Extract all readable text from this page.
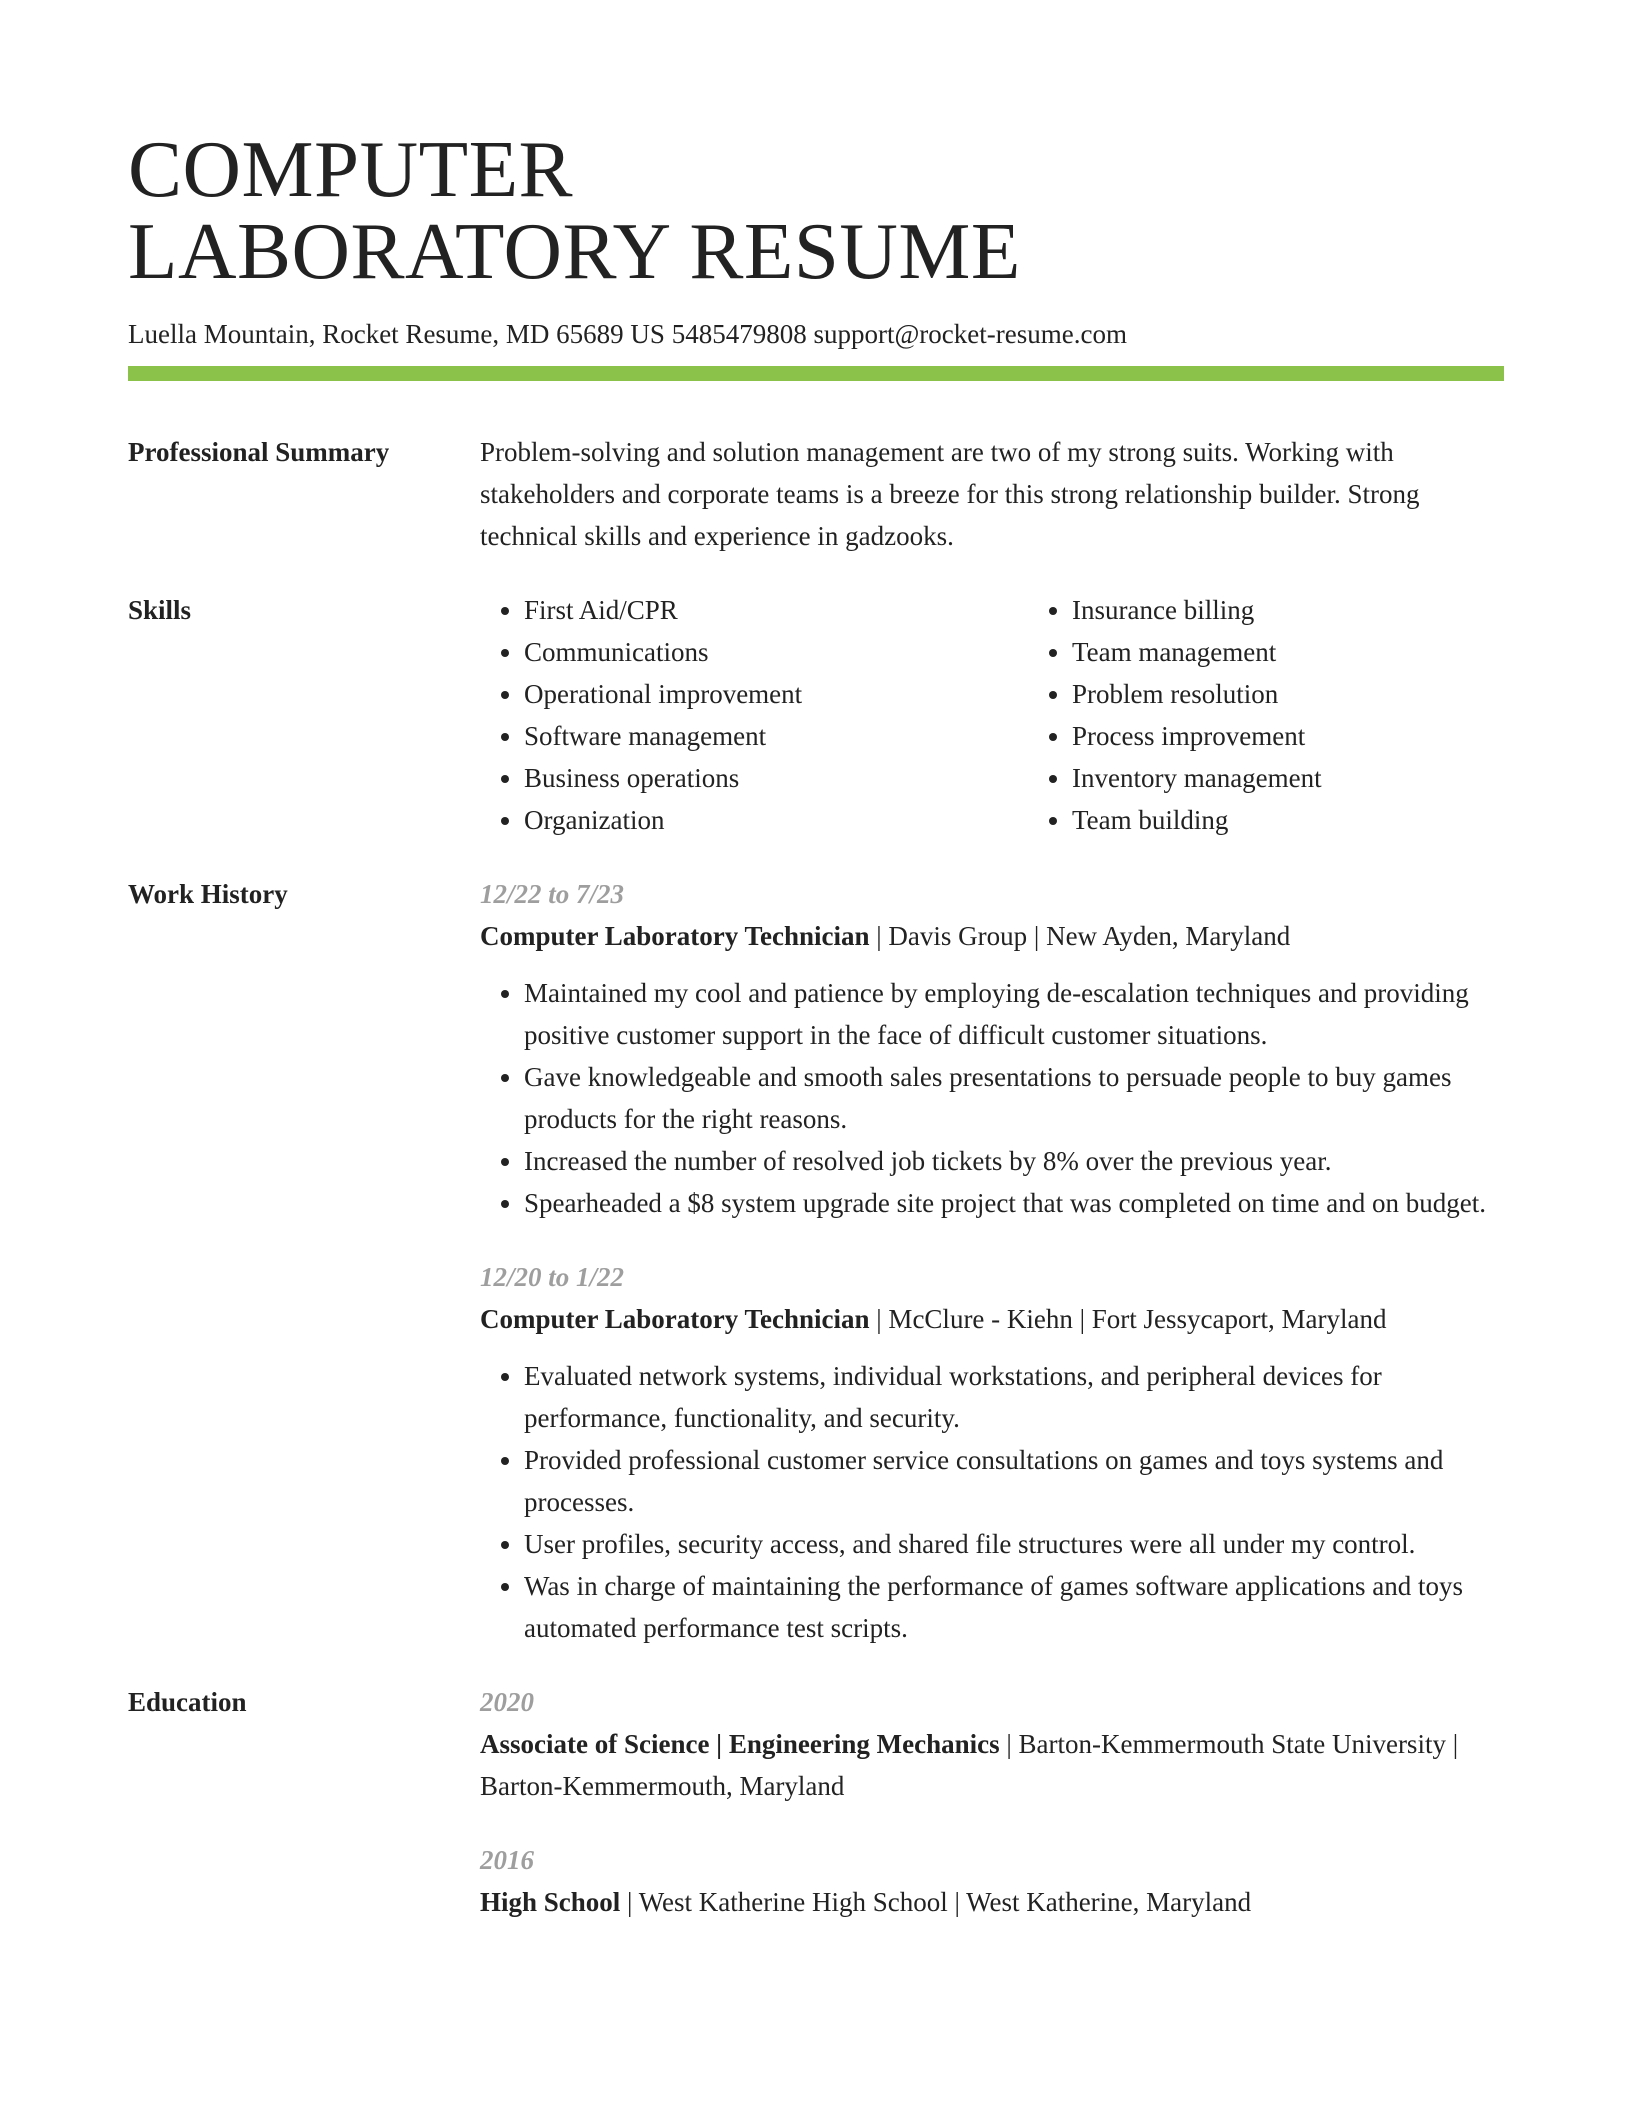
COMPUTER
LABORATORY RESUME
Luella Mountain, Rocket Resume, MD 65689 US 5485479808 support@rocket-resume.com
Professional Summary	Problem-solving and solution management are two of my strong suits. Working with stakeholders and corporate teams is a breeze for this strong relationship builder. Strong technical skills and experience in gadzooks.
Skills
•	First Aid/CPR
• Communications
• Operational improvement
• Software management
• Business operations
• Organization
• Insurance billing
• Team management
• Problem resolution
• Process improvement
• Inventory management
• Team building
Work History	12/22 to 7/23
Computer Laboratory Technician | Davis Group | New Ayden, Maryland
• Maintained my cool and patience by employing de-escalation techniques and providing positive customer support in the face of difficult customer situations.
• Gave knowledgeable and smooth sales presentations to persuade people to buy games products for the right reasons.
• Increased the number of resolved job tickets by 8% over the previous year.
• Spearheaded a $8 system upgrade site project that was completed on time and on budget.
12/20 to 1/22
Computer Laboratory Technician | McClure - Kiehn | Fort Jessycaport, Maryland
• Evaluated network systems, individual workstations, and peripheral devices for performance, functionality, and security.
• Provided professional customer service consultations on games and toys systems and processes.
• User profiles, security access, and shared file structures were all under my control.
• Was in charge of maintaining the performance of games software applications and toys automated performance test scripts.
Education	2020
Associate of Science | Engineering Mechanics | Barton-Kemmermouth State University | Barton-Kemmermouth, Maryland
2016
High School | West Katherine High School | West Katherine, Maryland
